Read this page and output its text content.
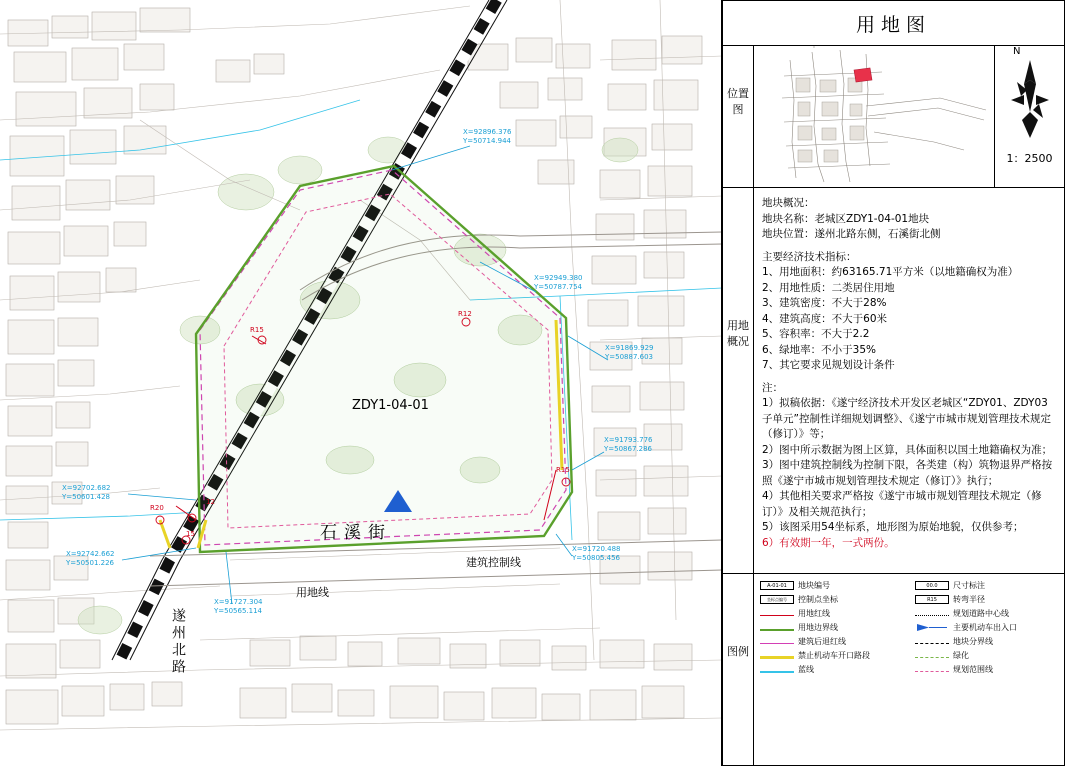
X=92896.376
Y=50714.944
X=92949.380
Y=50787.754
X=91869.929
Y=50887.603
X=91793.776
Y=50867.286
X=92702.682
Y=50601.428
X=92742.662
Y=50501.226
X=91727.304
Y=50565.114
X=91720.488
Y=50805.456
ZDY1-04-01
石溪街
遂州北路
建筑控制线
用地线
R15
R12
R15
R20
15
12
用地图
位置图
N
1：2500
用地概况

地块概况：

地块名称：老城区ZDY1-04-01地块

地块位置：遂州北路东侧，石溪街北侧

主要经济技术指标：

1、用地面积：约63165.71平方米（以地籍确权为准）

2、用地性质：二类居住用地

3、建筑密度：不大于28%

4、建筑高度：不大于60米

5、容积率：不大于2.2

6、绿地率：不小于35%

7、其它要求见规划设计条件

注：

1）拟稿依据：《遂宁经济技术开发区老城区“ZDY01、ZDY03子单元”控制性详细规划调整》、《遂宁市城市规划管理技术规定（修订）》等；

2）图中所示数据为图上区算，具体面积以国土地籍确权为准；

3）图中建筑控制线为控制下限，各类建（构）筑物退界严格按照《遂宁市城市规划管理技术规定（修订）》执行；

4）其他相关要求严格按《遂宁市城市规划管理技术规定（修订）》及相关规范执行；

5）该图采用54坐标系，地形图为原始地貌，仅供参考；

6）有效期一年，一式两份。

图例
A-01-01	地块编号	00.0	尺寸标注
坐标点编号	控制点坐标	R15	转弯半径
用地红线	规划道路中心线
用地边界线	主要机动车出入口
建筑后退红线	地块分界线
禁止机动车开口路段	绿化
蓝线	规划范围线
